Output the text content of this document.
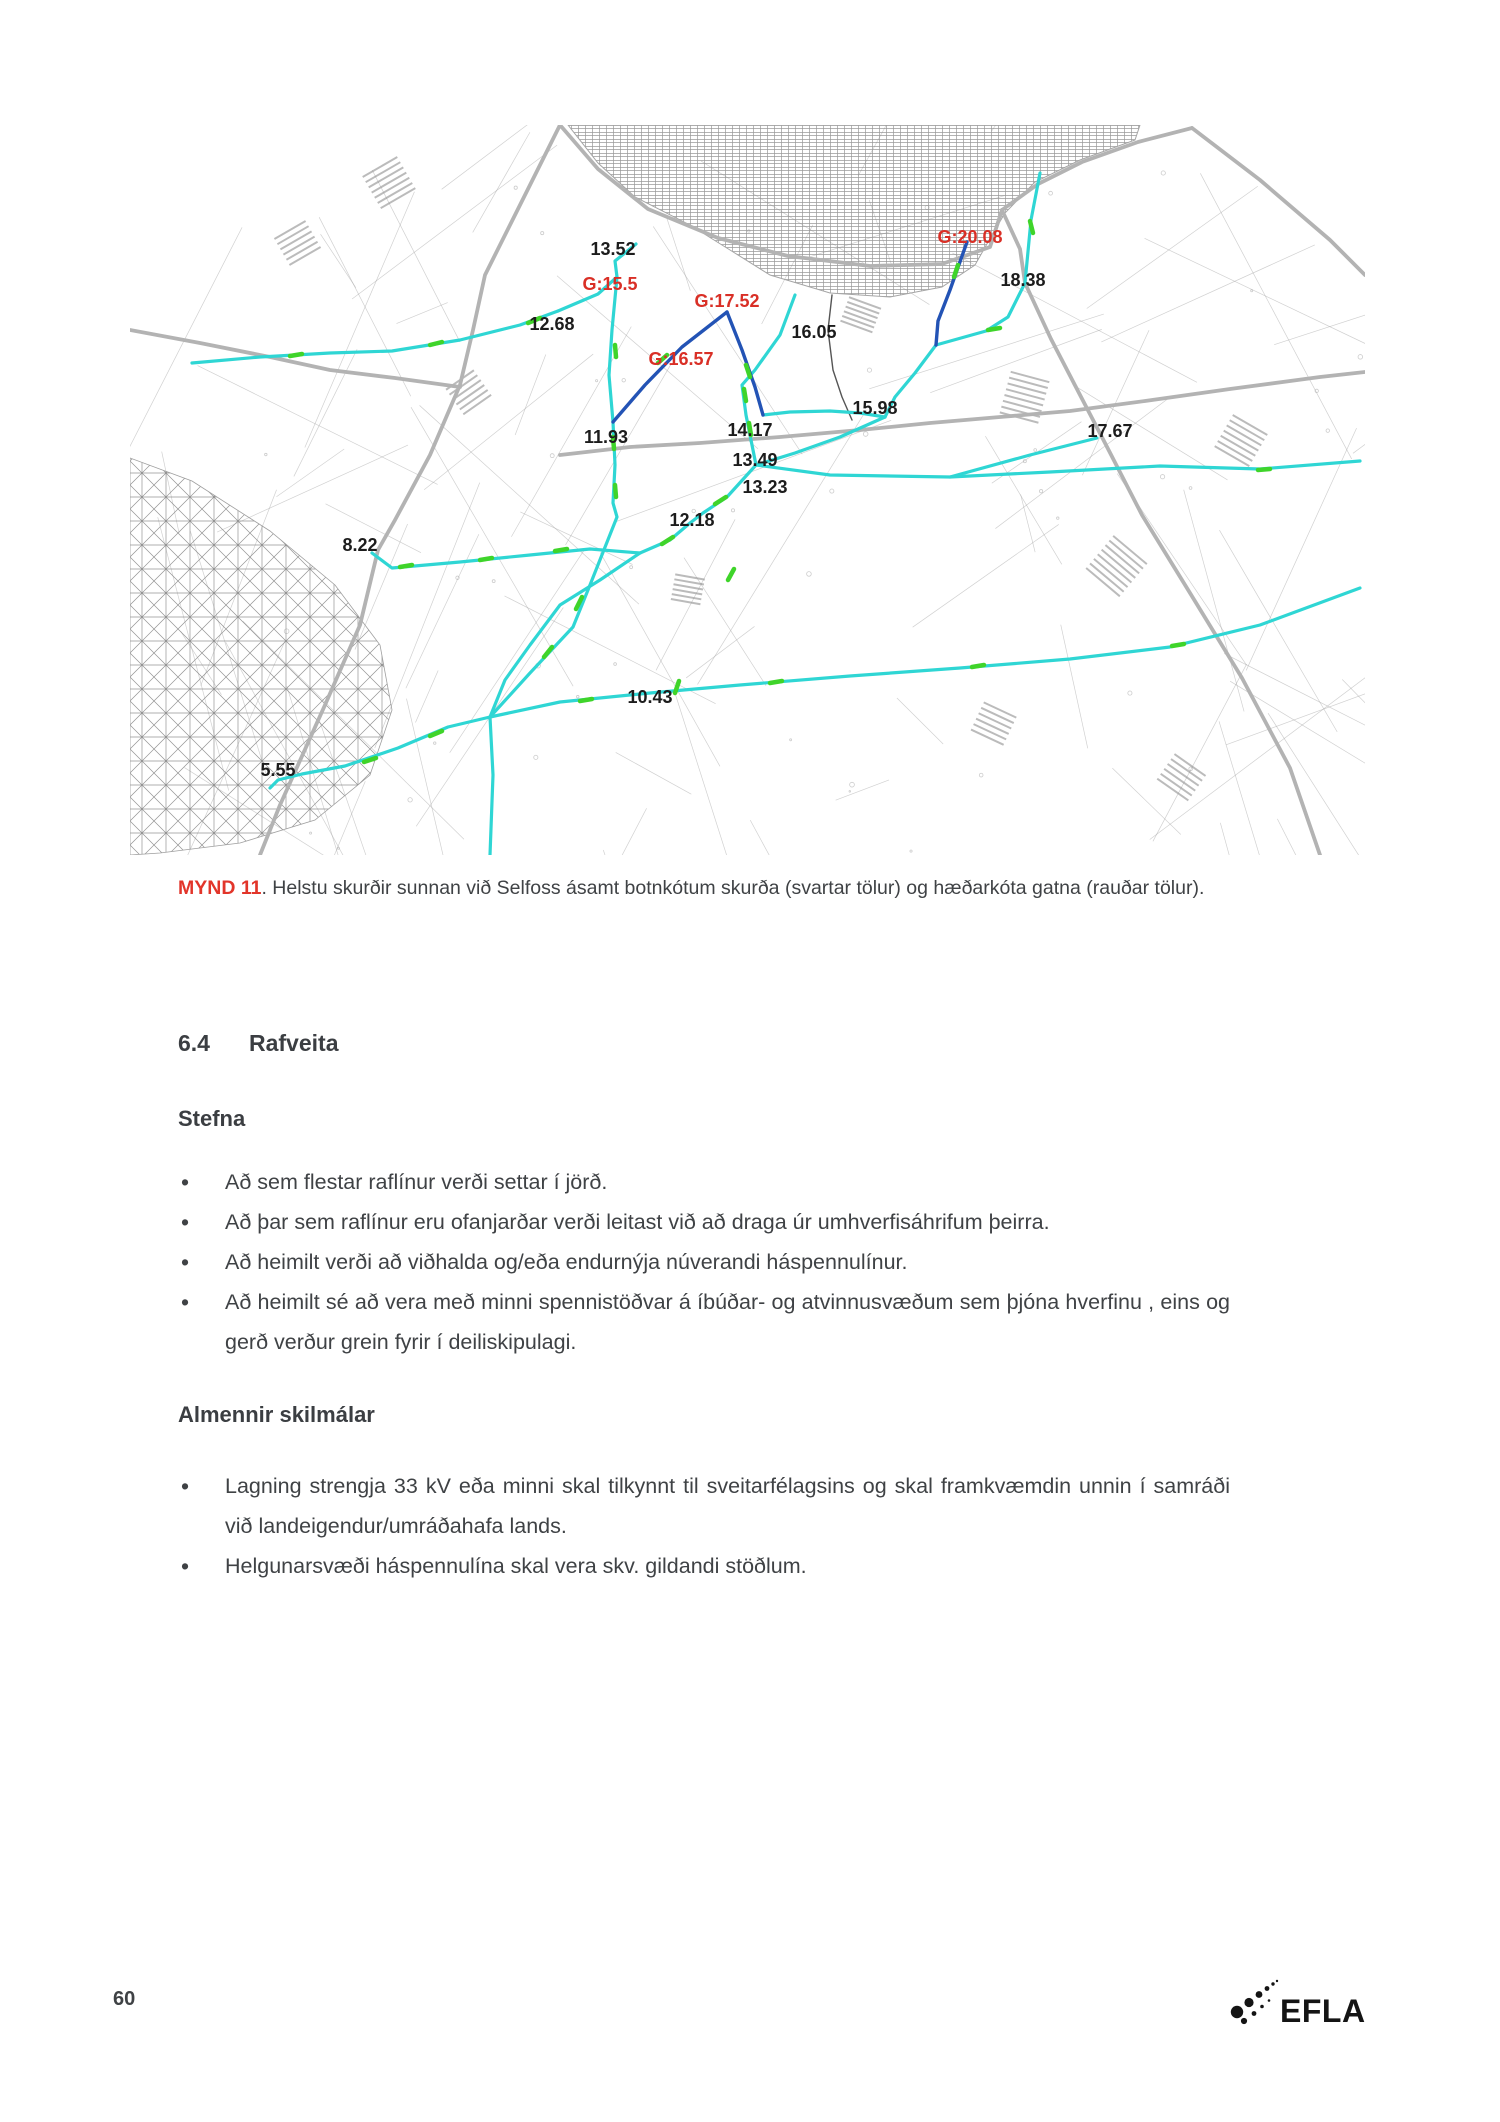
13.52
12.68	16.05
18.38
15.98
17.67
11.93	14.17
13.49
13.23
12.18
8.22
10.43
5.55
G:15.5
G:17.52
G:16.57
G:20.08

MYND 11. Helstu skurðir sunnan við Selfoss ásamt botnkótum skurða (svartar tölur) og hæðarkóta gatna (rauðar tölur).

6.4 Rafveita
Stefna
• Að sem flestar raflínur verði settar í jörð.
• Að þar sem raflínur eru ofanjarðar verði leitast við að draga úr umhverfisáhrifum þeirra.
• Að heimilt verði að viðhalda og/eða endurnýja núverandi háspennulínur.
• Að heimilt sé að vera með minni spennistöðvar á íbúðar- og atvinnusvæðum sem þjóna hverfinu , eins og gerð verður grein fyrir í deiliskipulagi.
Almennir skilmálar
• Lagning strengja 33 kV eða minni skal tilkynnt til sveitarfélagsins og skal framkvæmdin unnin í samráði við landeigendur/umráðahafa lands.
• Helgunarsvæði háspennulína skal vera skv. gildandi stöðlum.
60	EFLA
